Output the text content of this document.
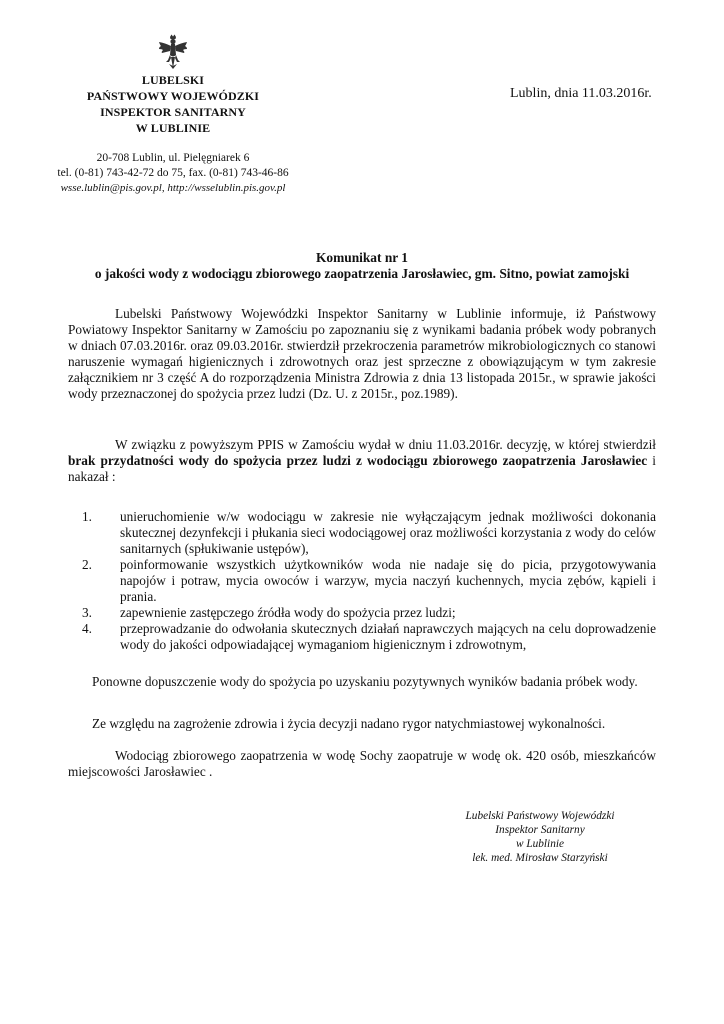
LUBELSKI
PAŃSTWOWY WOJEWÓDZKI
INSPEKTOR SANITARNY
W LUBLINIE
20-708 Lublin, ul. Pielęgniarek 6
tel. (0-81) 743-42-72 do 75, fax. (0-81) 743-46-86
wsse.lublin@pis.gov.pl, http://wsselublin.pis.gov.pl
Lublin, dnia 11.03.2016r.
Komunikat nr 1
o jakości wody z wodociągu zbiorowego zaopatrzenia Jarosławiec, gm. Sitno, powiat zamojski
Lubelski Państwowy Wojewódzki Inspektor Sanitarny w Lublinie informuje, iż Państwowy Powiatowy Inspektor Sanitarny w Zamościu po zapoznaniu się z wynikami badania próbek wody pobranych w dniach 07.03.2016r. oraz 09.03.2016r. stwierdził przekroczenia parametrów mikrobiologicznych co stanowi naruszenie wymagań higienicznych i zdrowotnych oraz jest sprzeczne z obowiązującym w tym zakresie załącznikiem nr 3 część A do rozporządzenia Ministra Zdrowia z dnia 13 listopada 2015r., w sprawie jakości wody przeznaczonej do spożycia przez ludzi (Dz. U. z 2015r., poz.1989).
W związku z powyższym PPIS w Zamościu wydał w dniu 11.03.2016r. decyzję, w której stwierdził brak przydatności wody do spożycia przez ludzi z wodociągu zbiorowego zaopatrzenia Jarosławiec i nakazał :
1. unieruchomienie w/w wodociągu w zakresie nie wyłączającym jednak możliwości dokonania skutecznej dezynfekcji i płukania sieci wodociągowej oraz możliwości korzystania z wody do celów sanitarnych (spłukiwanie ustępów),
2. poinformowanie wszystkich użytkowników woda nie nadaje się do picia, przygotowywania napojów i potraw, mycia owoców i warzyw, mycia naczyń kuchennych, mycia zębów, kąpieli i prania.
3. zapewnienie zastępczego źródła wody do spożycia przez ludzi;
4. przeprowadzanie do odwołania skutecznych działań naprawczych mających na celu doprowadzenie wody do jakości odpowiadającej wymaganiom higienicznym i zdrowotnym,
Ponowne dopuszczenie wody do spożycia po uzyskaniu pozytywnych wyników badania próbek wody.
Ze względu na zagrożenie zdrowia i życia decyzji nadano rygor natychmiastowej wykonalności.
Wodociąg zbiorowego zaopatrzenia w wodę Sochy zaopatruje w wodę ok. 420 osób, mieszkańców miejscowości Jarosławiec .
Lubelski Państwowy Wojewódzki
Inspektor Sanitarny
w Lublinie
lek. med. Mirosław Starzyński
